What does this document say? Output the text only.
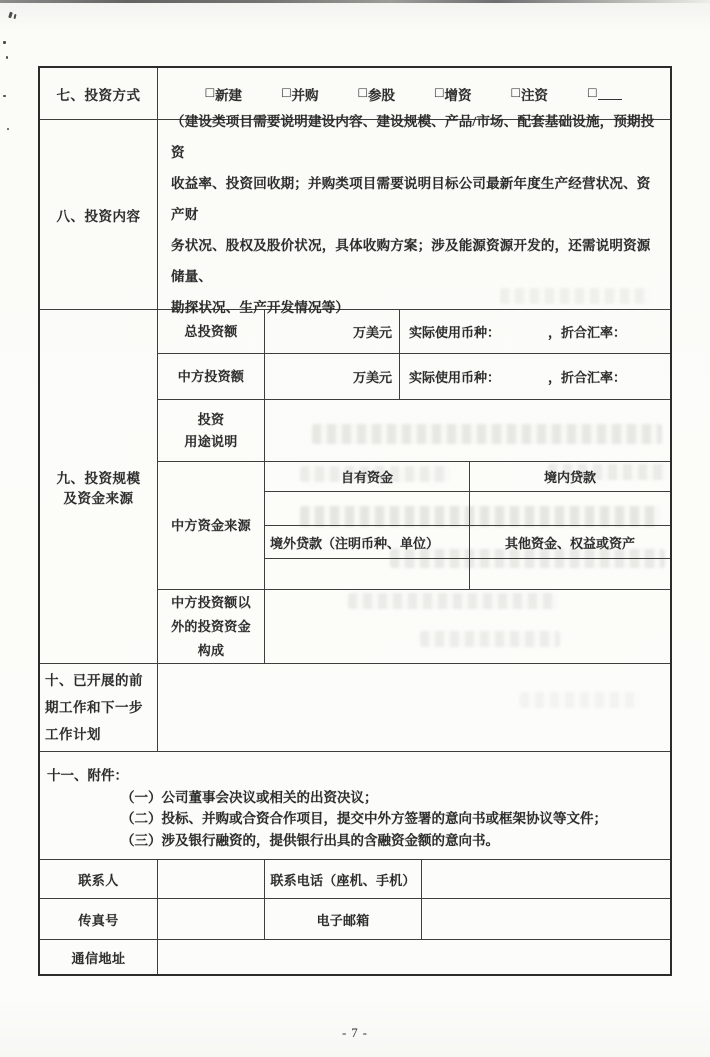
七、投资方式	□ 新建	□ 并购	□ 参股	□ 增资	□ 注资	□
八、投资内容
（建设类项目需要说明建设内容、建设规模、产品/市场、配套基础设施，预期投资
收益率、投资回收期；并购类项目需要说明目标公司最新年度生产经营状况、资产财
务状况、股权及股价状况，具体收购方案；涉及能源资源开发的，还需说明资源储量、
勘探状况、生产开发情况等）
九、投资规模
及资金来源
总投资额	万美元	实际使用币种：	，折合汇率：
中方投资额	万美元	实际使用币种：	，折合汇率：
投资
用途说明
中方资金来源
自有资金	境内贷款
境外贷款（注明币种、单位）	其他资金、权益或资产
中方投资额以
外的投资资金
构成
十、已开展的前
期工作和下一步
工作计划
十一、附件：
（一）公司董事会决议或相关的出资决议；
（二）投标、并购或合资合作项目，提交中外方签署的意向书或框架协议等文件；
（三）涉及银行融资的，提供银行出具的含融资金额的意向书。
联系人	联系电话（座机、手机）
传真号	电子邮箱
通信地址
- 7 -
